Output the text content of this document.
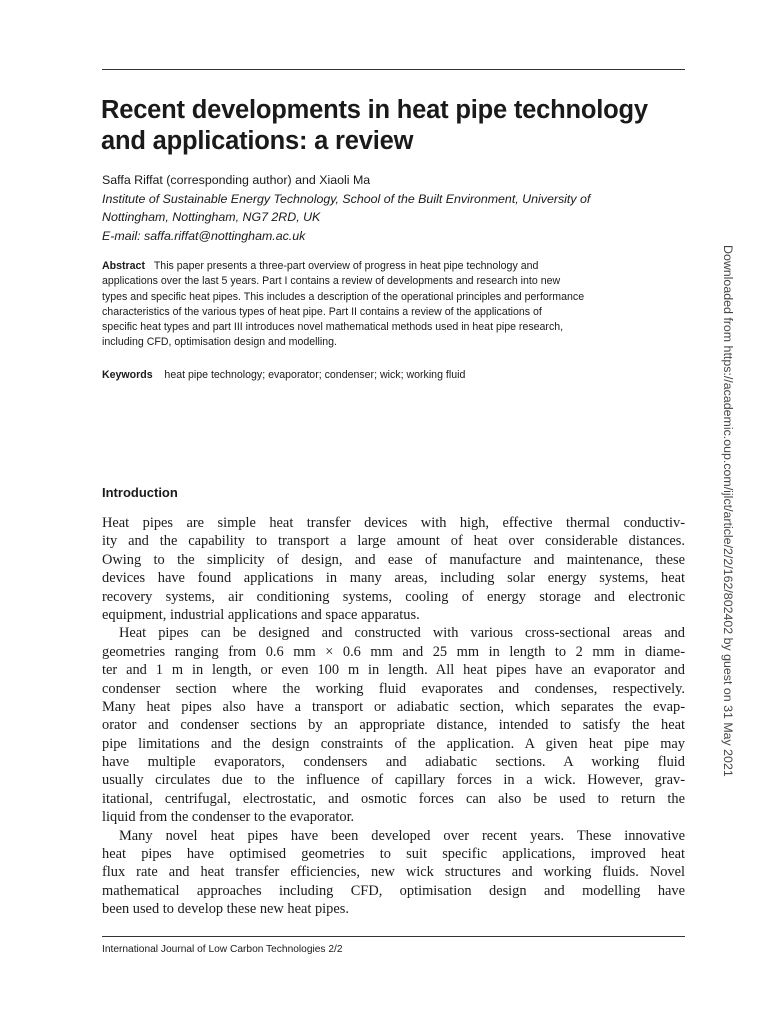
Recent developments in heat pipe technology
and applications: a review
Saffa Riffat (corresponding author) and Xiaoli Ma
Institute of Sustainable Energy Technology, School of the Built Environment, University of
Nottingham, Nottingham, NG7 2RD, UK
E-mail: saffa.riffat@nottingham.ac.uk
Abstract This paper presents a three-part overview of progress in heat pipe technology and
applications over the last 5 years. Part I contains a review of developments and research into new
types and specific heat pipes. This includes a description of the operational principles and performance
characteristics of the various types of heat pipe. Part II contains a review of the applications of
specific heat types and part III introduces novel mathematical methods used in heat pipe research,
including CFD, optimisation design and modelling.
Keywords heat pipe technology; evaporator; condenser; wick; working fluid
Introduction
Heat pipes are simple heat transfer devices with high, effective thermal conductiv-
ity and the capability to transport a large amount of heat over considerable distances.
Owing to the simplicity of design, and ease of manufacture and maintenance, these
devices have found applications in many areas, including solar energy systems, heat
recovery systems, air conditioning systems, cooling of energy storage and electronic
equipment, industrial applications and space apparatus.
Heat pipes can be designed and constructed with various cross-sectional areas and
geometries ranging from 0.6 mm × 0.6 mm and 25 mm in length to 2 mm in diame-
ter and 1 m in length, or even 100 m in length. All heat pipes have an evaporator and
condenser section where the working fluid evaporates and condenses, respectively.
Many heat pipes also have a transport or adiabatic section, which separates the evap-
orator and condenser sections by an appropriate distance, intended to satisfy the heat
pipe limitations and the design constraints of the application. A given heat pipe may
have multiple evaporators, condensers and adiabatic sections. A working fluid
usually circulates due to the influence of capillary forces in a wick. However, grav-
itational, centrifugal, electrostatic, and osmotic forces can also be used to return the
liquid from the condenser to the evaporator.
Many novel heat pipes have been developed over recent years. These innovative
heat pipes have optimised geometries to suit specific applications, improved heat
flux rate and heat transfer efficiencies, new wick structures and working fluids. Novel
mathematical approaches including CFD, optimisation design and modelling have
been used to develop these new heat pipes.
International Journal of Low Carbon Technologies 2/2
Downloaded from https://academic.oup.com/ijlct/article/2/2/162/802402 by guest on 31 May 2021
